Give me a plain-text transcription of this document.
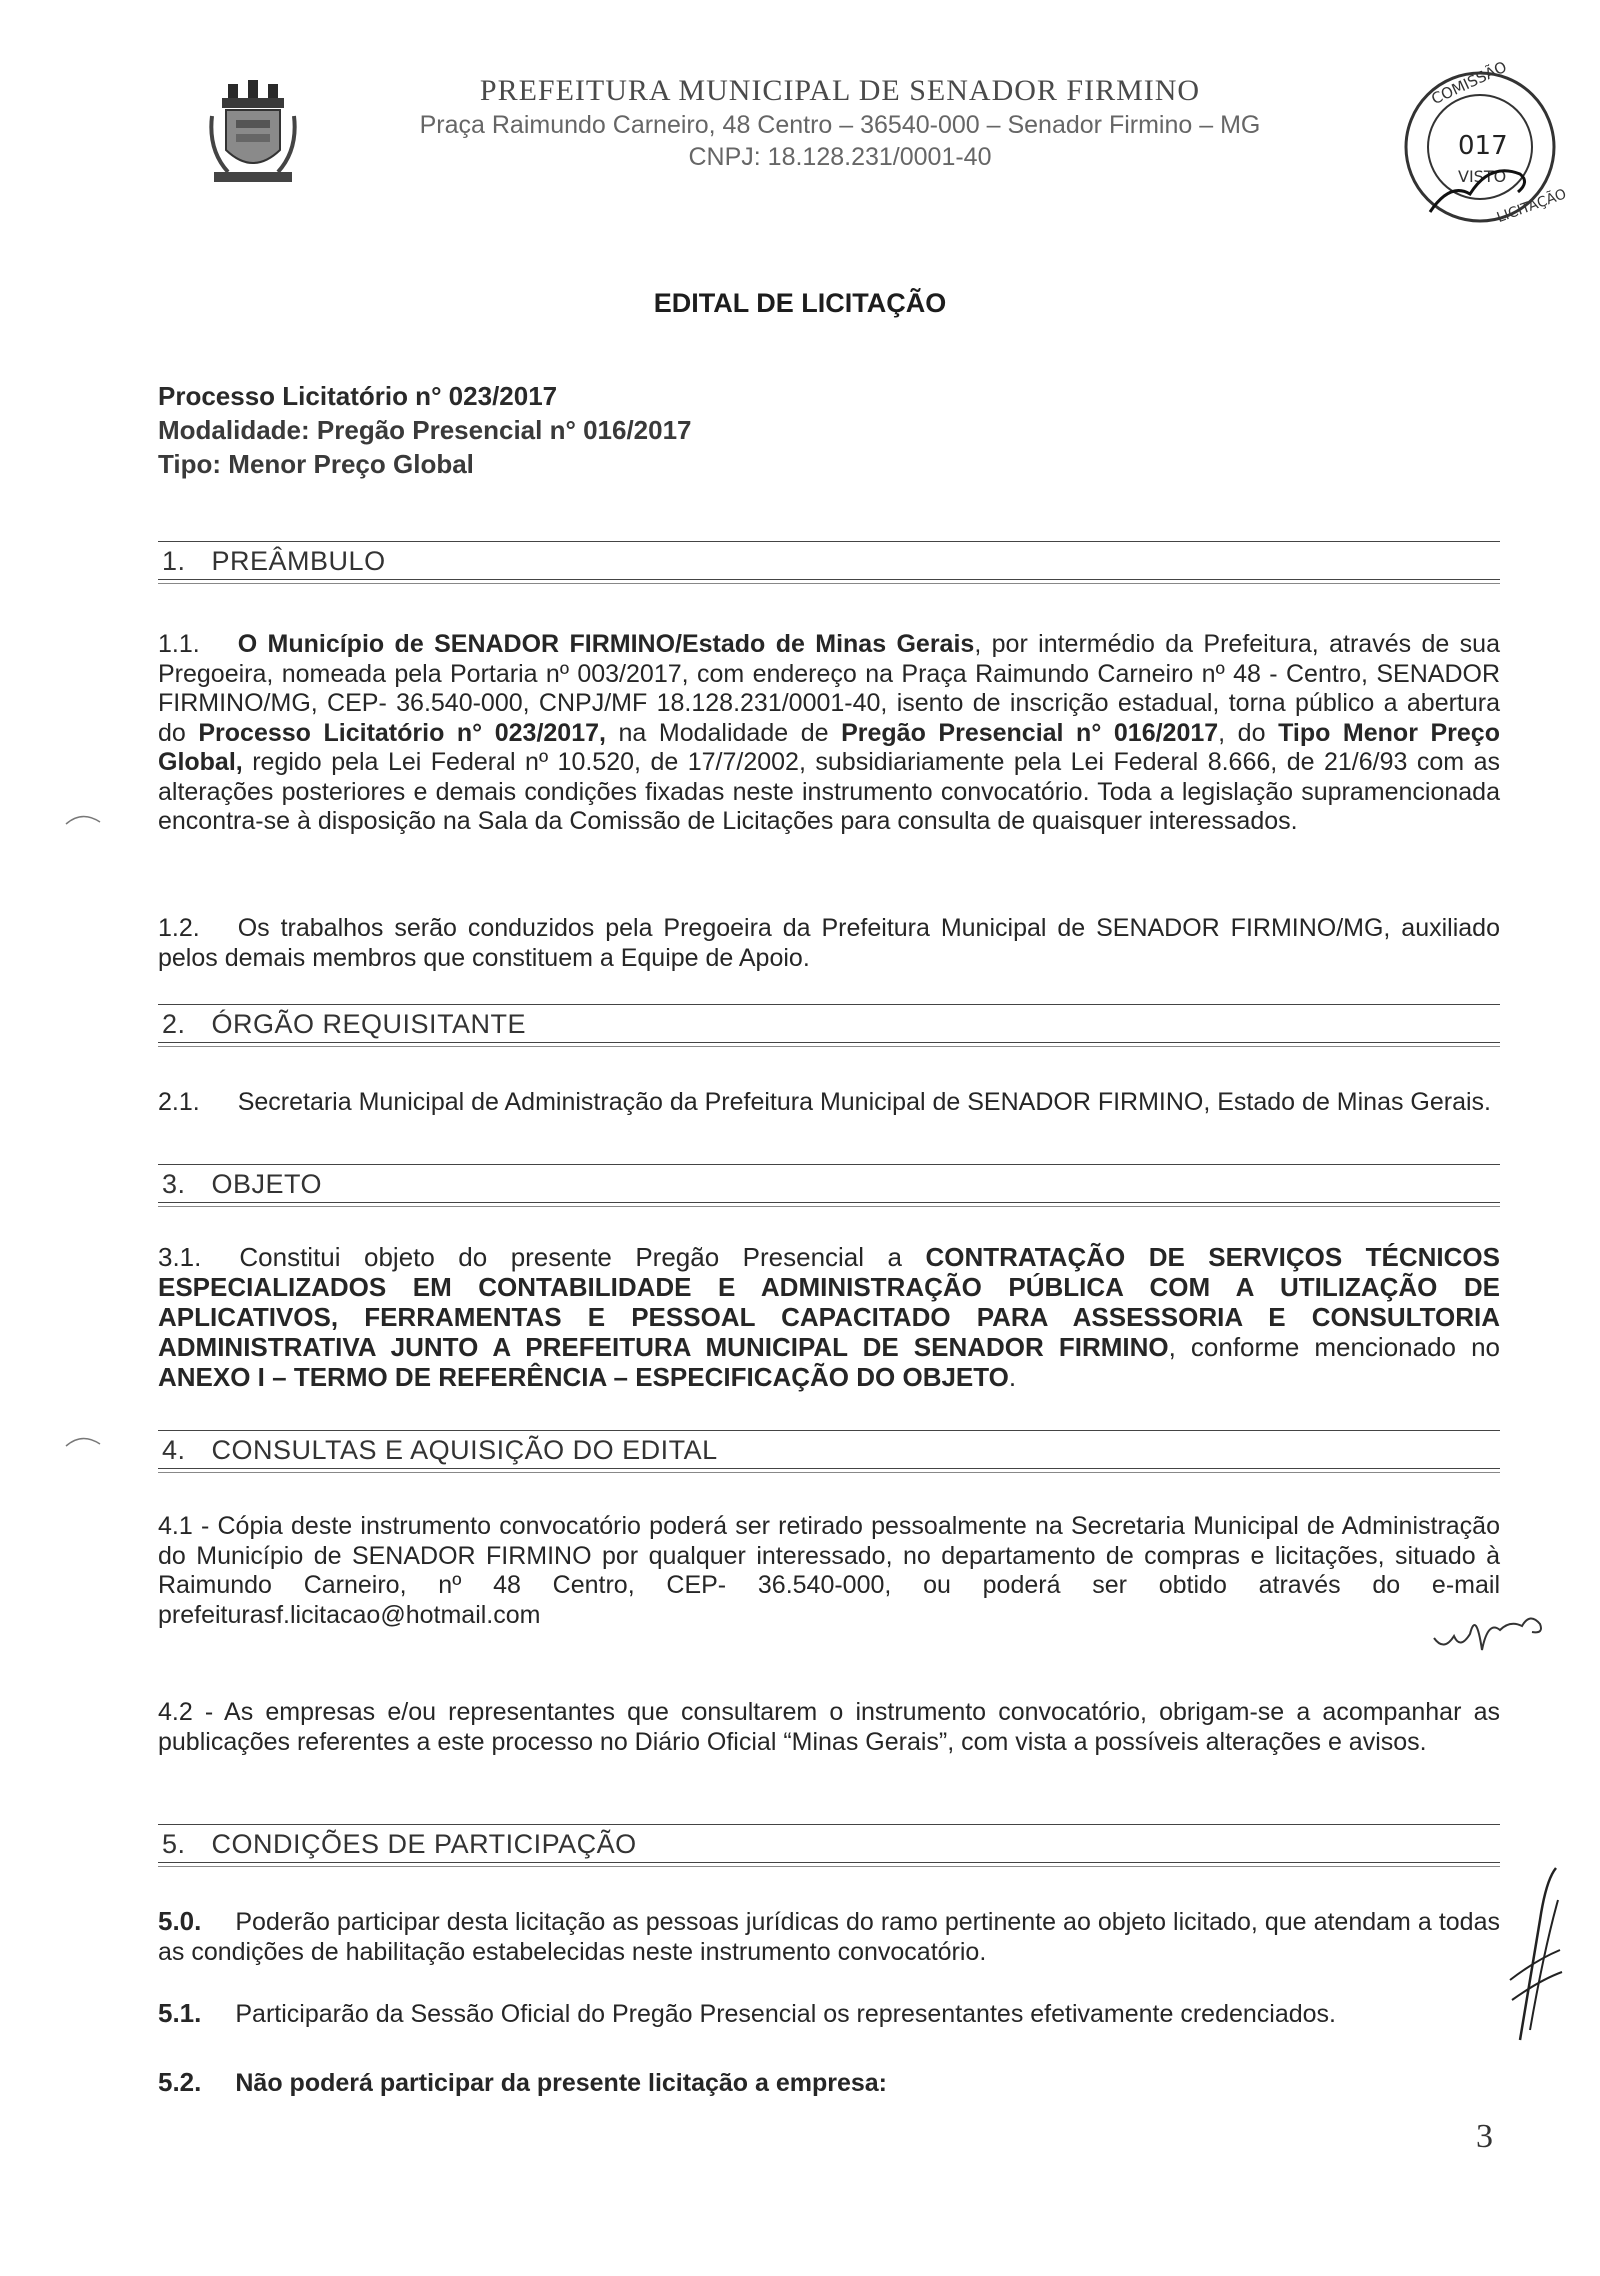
PREFEITURA MUNICIPAL DE SENADOR FIRMINO
Praça Raimundo Carneiro, 48 Centro – 36540-000 – Senador Firmino – MG
CNPJ: 18.128.231/0001-40
COMISSÃO
017
VISTO
LICITAÇÃO
EDITAL DE LICITAÇÃO
Processo Licitatório n° 023/2017
Modalidade: Pregão Presencial n° 016/2017
Tipo: Menor Preço Global
1. PREÂMBULO
1.1. O Município de SENADOR FIRMINO/Estado de Minas Gerais, por intermédio da Prefeitura, através de sua Pregoeira, nomeada pela Portaria nº 003/2017, com endereço na Praça Raimundo Carneiro nº 48 - Centro, SENADOR FIRMINO/MG, CEP- 36.540-000, CNPJ/MF 18.128.231/0001-40, isento de inscrição estadual, torna público a abertura do Processo Licitatório n° 023/2017, na Modalidade de Pregão Presencial n° 016/2017, do Tipo Menor Preço Global, regido pela Lei Federal nº 10.520, de 17/7/2002, subsidiariamente pela Lei Federal 8.666, de 21/6/93 com as alterações posteriores e demais condições fixadas neste instrumento convocatório. Toda a legislação supramencionada encontra-se à disposição na Sala da Comissão de Licitações para consulta de quaisquer interessados.
1.2. Os trabalhos serão conduzidos pela Pregoeira da Prefeitura Municipal de SENADOR FIRMINO/MG, auxiliado pelos demais membros que constituem a Equipe de Apoio.
2. ÓRGÃO REQUISITANTE
2.1. Secretaria Municipal de Administração da Prefeitura Municipal de SENADOR FIRMINO, Estado de Minas Gerais.
3. OBJETO
3.1. Constitui objeto do presente Pregão Presencial a CONTRATAÇÃO DE SERVIÇOS TÉCNICOS ESPECIALIZADOS EM CONTABILIDADE E ADMINISTRAÇÃO PÚBLICA COM A UTILIZAÇÃO DE APLICATIVOS, FERRAMENTAS E PESSOAL CAPACITADO PARA ASSESSORIA E CONSULTORIA ADMINISTRATIVA JUNTO A PREFEITURA MUNICIPAL DE SENADOR FIRMINO, conforme mencionado no ANEXO I – TERMO DE REFERÊNCIA – ESPECIFICAÇÃO DO OBJETO.
4. CONSULTAS E AQUISIÇÃO DO EDITAL
4.1 - Cópia deste instrumento convocatório poderá ser retirado pessoalmente na Secretaria Municipal de Administração do Município de SENADOR FIRMINO por qualquer interessado, no departamento de compras e licitações, situado à Raimundo Carneiro, nº 48 Centro, CEP- 36.540-000, ou poderá ser obtido através do e-mail prefeiturasf.licitacao@hotmail.com
4.2 - As empresas e/ou representantes que consultarem o instrumento convocatório, obrigam-se a acompanhar as publicações referentes a este processo no Diário Oficial “Minas Gerais”, com vista a possíveis alterações e avisos.
5. CONDIÇÕES DE PARTICIPAÇÃO
5.0. Poderão participar desta licitação as pessoas jurídicas do ramo pertinente ao objeto licitado, que atendam a todas as condições de habilitação estabelecidas neste instrumento convocatório.
5.1. Participarão da Sessão Oficial do Pregão Presencial os representantes efetivamente credenciados.
5.2. Não poderá participar da presente licitação a empresa:
3
